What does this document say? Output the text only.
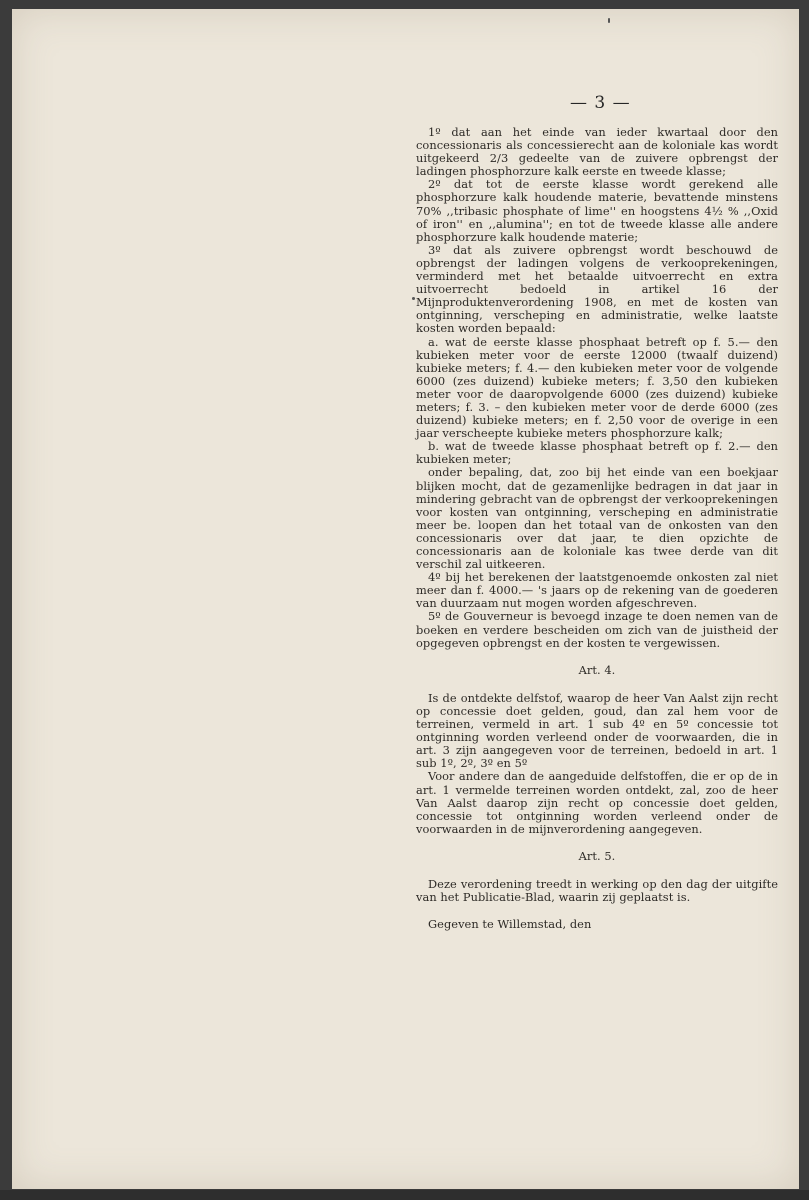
— 3 —

1º dat aan het einde van ieder kwartaal door den concessionaris als concessierecht aan de koloniale kas wordt uitgekeerd 2/3 gedeelte van de zuivere opbrengst der ladingen phosphorzure kalk eerste en tweede klasse;

2º dat tot de eerste klasse wordt gerekend alle phosphorzure kalk houdende materie, bevattende minstens 70% ,,tribasic phosphate of lime'' en hoogstens 4½ % ,,Oxid of iron'' en ,,alumina''; en tot de tweede klasse alle andere phosphorzure kalk houdende materie;

3º dat als zuivere opbrengst wordt beschouwd de opbrengst der ladingen volgens de verkooprekeningen, verminderd met het betaalde uitvoerrecht en extra uitvoerrecht bedoeld in artikel 16 der Mijnproduktenverordening 1908, en met de kosten van ontginning, verscheping en administratie, welke laatste kosten worden bepaald:

a. wat de eerste klasse phosphaat betreft op f. 5.— den kubieken meter voor de eerste 12000 (twaalf duizend) kubieke meters; f. 4.— den kubieken meter voor de volgende 6000 (zes duizend) kubieke meters; f. 3,50 den kubieken meter voor de daaropvolgende 6000 (zes duizend) kubieke meters; f. 3. – den kubieken meter voor de derde 6000 (zes duizend) kubieke meters; en f. 2,50 voor de overige in een jaar verscheepte kubieke meters phosphorzure kalk;

b. wat de tweede klasse phosphaat betreft op f. 2.— den kubieken meter;

onder bepaling, dat, zoo bij het einde van een boekjaar blijken mocht, dat de gezamenlijke bedragen in dat jaar in mindering gebracht van de opbrengst der verkooprekeningen voor kosten van ontginning, verscheping en administratie meer be. loopen dan het totaal van de onkosten van den concessionaris over dat jaar, te dien opzichte de concessionaris aan de koloniale kas twee derde van dit verschil zal uitkeeren.

4º bij het berekenen der laatstgenoemde onkosten zal niet meer dan f. 4000.— 's jaars op de rekening van de goederen van duurzaam nut mogen worden afgeschreven.

5º de Gouverneur is bevoegd inzage te doen nemen van de boeken en verdere bescheiden om zich van de juistheid der opgegeven opbrengst en der kosten te vergewissen.

Art. 4.

Is de ontdekte delfstof, waarop de heer Van Aalst zijn recht op concessie doet gelden, goud, dan zal hem voor de terreinen, vermeld in art. 1 sub 4º en 5º concessie tot ontginning worden verleend onder de voorwaarden, die in art. 3 zijn aangegeven voor de terreinen, bedoeld in art. 1 sub 1º, 2º, 3º en 5º

Voor andere dan de aangeduide delfstoffen, die er op de in art. 1 vermelde terreinen worden ontdekt, zal, zoo de heer Van Aalst daarop zijn recht op concessie doet gelden, concessie tot ontginning worden verleend onder de voorwaarden in de mijnverordening aangegeven.

Art. 5.

Deze verordening treedt in werking op den dag der uitgifte van het Publicatie-Blad, waarin zij geplaatst is.

Gegeven te Willemstad, den
